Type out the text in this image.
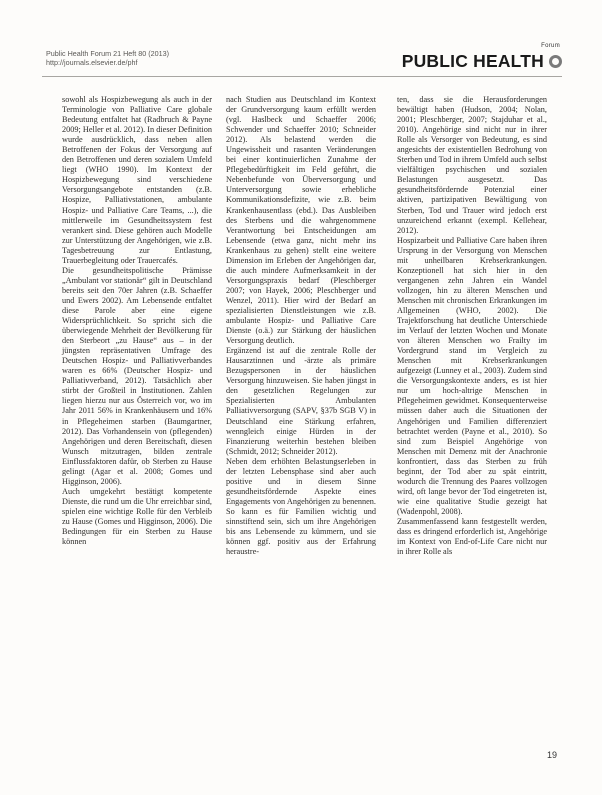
Public Health Forum 21 Heft 80 (2013)
http://journals.elsevier.de/phf
Forum
PUBLIC HEALTH

sowohl als Hospizbewegung als auch in der Terminologie von Palliative Care globale Bedeutung entfaltet hat (Radbruch & Payne 2009; Heller et al. 2012). In dieser Definition wurde ausdrücklich, dass neben allen Betroffenen der Fokus der Versorgung auf den Betroffenen und deren sozialem Umfeld liegt (WHO 1990). Im Kontext der Hospizbewegung sind verschiedene Versorgungsangebote entstanden (z.B. Hospize, Palliativstationen, ambulante Hospiz- und Palliative Care Teams, ...), die mittlerweile im Gesundheitssystem fest verankert sind. Diese gehören auch Modelle zur Unterstützung der Angehörigen, wie z.B. Tagesbetreuung zur Entlastung, Trauerbegleitung oder Trauercafés.

Die gesundheitspolitische Prämisse „Ambulant vor stationär“ gilt in Deutschland bereits seit den 70er Jahren (z.B. Schaeffer und Ewers 2002). Am Lebensende entfaltet diese Parole aber eine eigene Widersprüchlichkeit. So spricht sich die überwiegende Mehrheit der Bevölkerung für den Sterbeort „zu Hause“ aus – in der jüngsten repräsentativen Umfrage des Deutschen Hospiz- und Palliativverbandes waren es 66% (Deutscher Hospiz- und Palliativverband, 2012). Tatsächlich aber stirbt der Großteil in Institutionen. Zahlen liegen hierzu nur aus Österreich vor, wo im Jahr 2011 56% in Krankenhäusern und 16% in Pflegeheimen starben (Baumgartner, 2012). Das Vorhandensein von (pflegenden) Angehörigen und deren Bereitschaft, diesen Wunsch mitzutragen, bilden zentrale Einflussfaktoren dafür, ob Sterben zu Hause gelingt (Agar et al. 2008; Gomes und Higginson, 2006).

Auch umgekehrt bestätigt kompetente Dienste, die rund um die Uhr erreichbar sind, spielen eine wichtige Rolle für den Verbleib zu Hause (Gomes und Higginson, 2006). Die Bedingungen für ein Sterben zu Hause können

nach Studien aus Deutschland im Kontext der Grundversorgung kaum erfüllt werden (vgl. Haslbeck und Schaeffer 2006; Schwender und Schaeffer 2010; Schneider 2012). Als belastend werden die Ungewissheit und rasanten Veränderungen bei einer kontinuierlichen Zunahme der Pflegebedürftigkeit im Feld geführt, die Nebenbefunde von Überversorgung und Unterversorgung sowie erhebliche Kommunikationsdefizite, wie z.B. beim Krankenhausentlass (ebd.). Das Ausbleiben des Sterbens und die wahrgenommene Verantwortung bei Entscheidungen am Lebensende (etwa ganz, nicht mehr ins Krankenhaus zu gehen) stellt eine weitere Dimension im Erleben der Angehörigen dar, die auch mindere Aufmerksamkeit in der Versorgungspraxis bedarf (Pleschberger 2007; von Hayek, 2006; Pleschberger und Wenzel, 2011). Hier wird der Bedarf an spezialisierten Dienstleistungen wie z.B. ambulante Hospiz- und Palliative Care Dienste (o.ä.) zur Stärkung der häuslichen Versorgung deutlich.

Ergänzend ist auf die zentrale Rolle der Hausarztinnen und -ärzte als primäre Bezugspersonen in der häuslichen Versorgung hinzuweisen. Sie haben jüngst in den gesetzlichen Regelungen zur Spezialisierten Ambulanten Palliativversorgung (SAPV, §37b SGB V) in Deutschland eine Stärkung erfahren, wenngleich einige Hürden in der Finanzierung weiterhin bestehen bleiben (Schmidt, 2012; Schneider 2012).

Neben dem erhöhten Belastungserleben in der letzten Lebensphase sind aber auch positive und in diesem Sinne gesundheitsfördernde Aspekte eines Engagements von Angehörigen zu benennen. So kann es für Familien wichtig und sinnstiftend sein, sich um ihre Angehörigen bis ans Lebensende zu kümmern, und sie können ggf. positiv aus der Erfahrung heraustre-

ten, dass sie die Herausforderungen bewältigt haben (Hudson, 2004; Nolan, 2001; Pleschberger, 2007; Stajduhar et al., 2010). Angehörige sind nicht nur in ihrer Rolle als Versorger von Bedeutung, es sind angesichts der existentiellen Bedrohung von Sterben und Tod in ihrem Umfeld auch selbst vielfältigen psychischen und sozialen Belastungen ausgesetzt. Das gesundheitsfördernde Potenzial einer aktiven, partizipativen Bewältigung von Sterben, Tod und Trauer wird jedoch erst unzureichend erkannt (exempl. Kellehear, 2012).

Hospizarbeit und Palliative Care haben ihren Ursprung in der Versorgung von Menschen mit unheilbaren Krebserkrankungen. Konzeptionell hat sich hier in den vergangenen zehn Jahren ein Wandel vollzogen, hin zu älteren Menschen und Menschen mit chronischen Erkrankungen im Allgemeinen (WHO, 2002). Die Trajektforschung hat deutliche Unterschiede im Verlauf der letzten Wochen und Monate von älteren Menschen wo Frailty im Vordergrund stand im Vergleich zu Menschen mit Krebserkrankungen aufgezeigt (Lunney et al., 2003). Zudem sind die Versorgungskontexte anders, es ist hier nur um hoch-altrige Menschen in Pflegeheimen gewidmet. Konsequenterweise müssen daher auch die Situationen der Angehörigen und Familien differenziert betrachtet werden (Payne et al., 2010). So sind zum Beispiel Angehörige von Menschen mit Demenz mit der Anachronie konfrontiert, dass das Sterben zu früh beginnt, der Tod aber zu spät eintritt, wodurch die Trennung des Paares vollzogen wird, oft lange bevor der Tod eingetreten ist, wie eine qualitative Studie gezeigt hat (Wadenpohl, 2008).

Zusammenfassend kann festgestellt werden, dass es dringend erforderlich ist, Angehörige im Kontext von End-of-Life Care nicht nur in ihrer Rolle als

19
